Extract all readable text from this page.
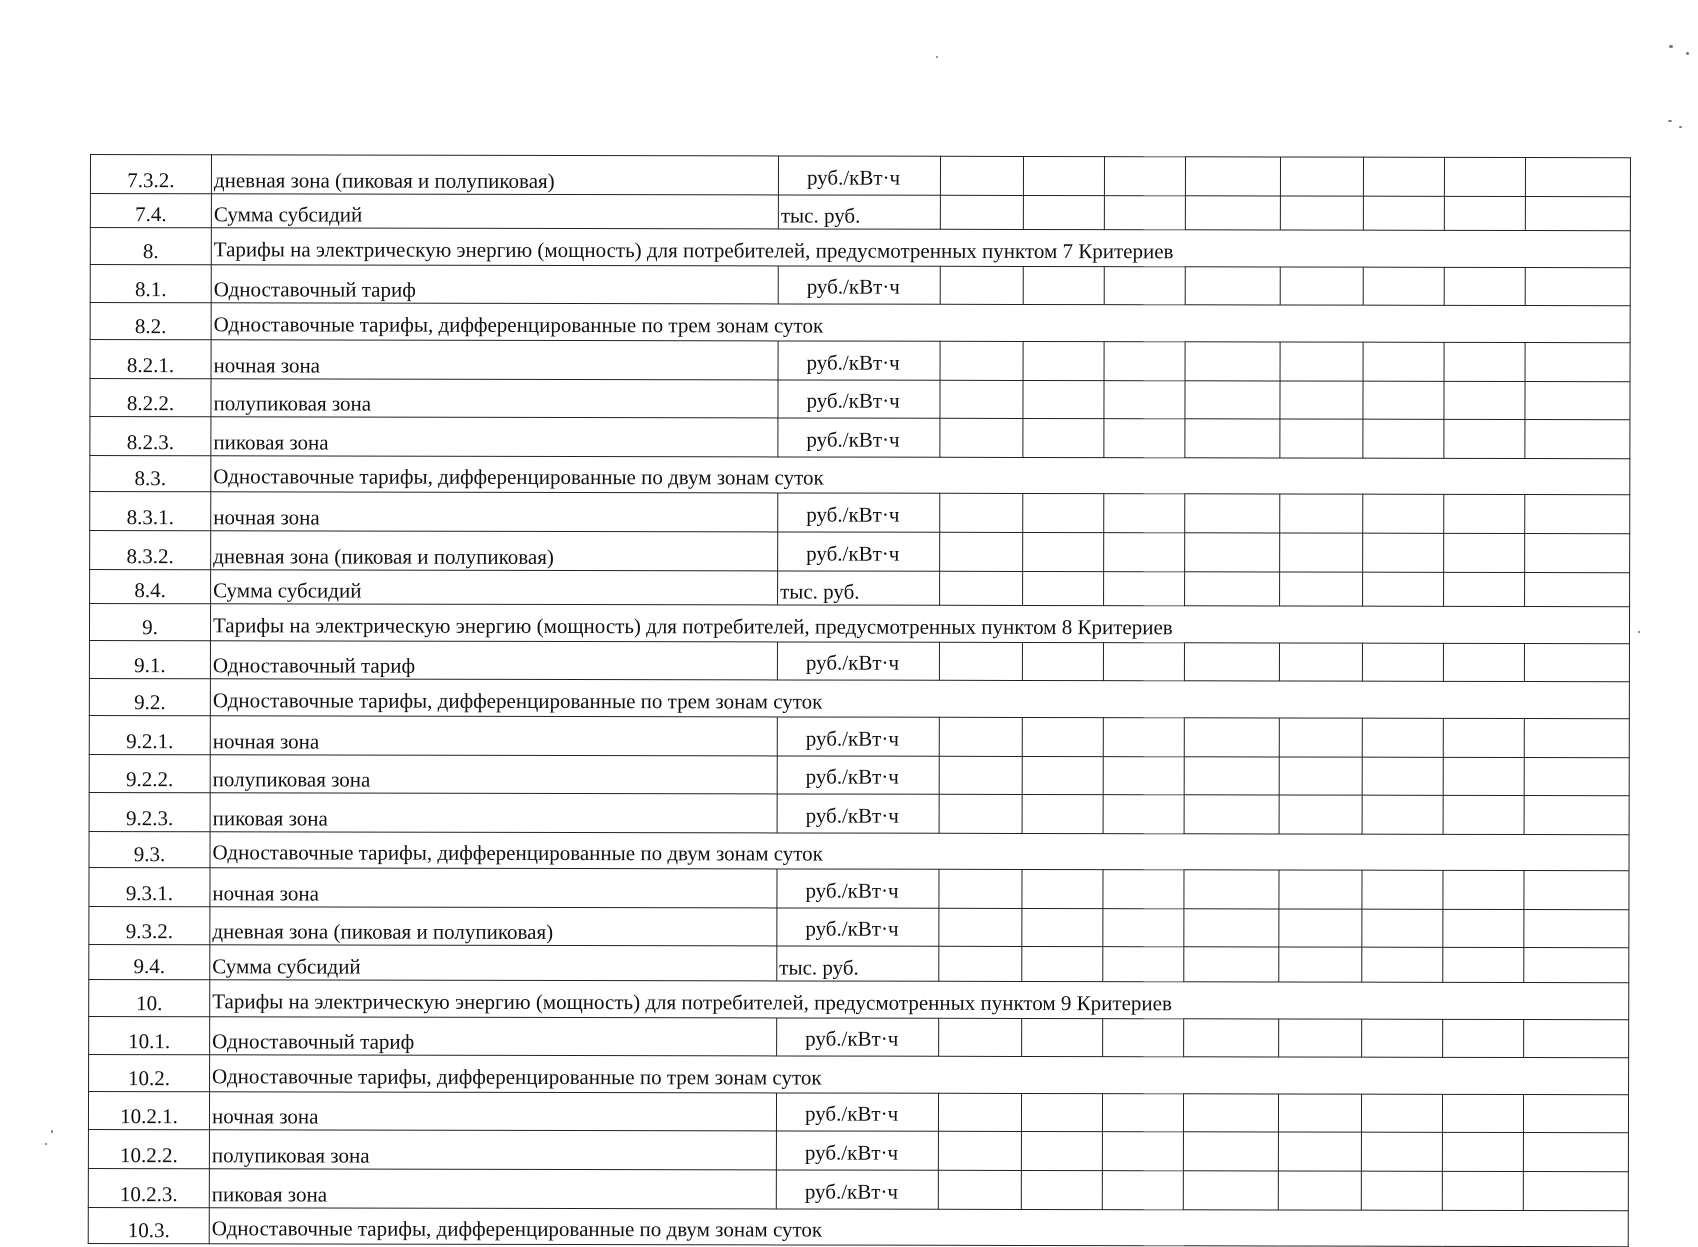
7.3.2.	дневная зона (пиковая и полупиковая)	руб./кВт·ч								
7.4.	Сумма субсидий	тыс. руб.								
8.	Тарифы на электрическую энергию (мощность) для потребителей, предусмотренных пунктом 7 Критериев									
8.1.	Одноставочный тариф	руб./кВт·ч								
8.2.	Одноставочные тарифы, дифференцированные по трем зонам суток									
8.2.1.	ночная зона	руб./кВт·ч								
8.2.2.	полупиковая зона	руб./кВт·ч								
8.2.3.	пиковая зона	руб./кВт·ч								
8.3.	Одноставочные тарифы, дифференцированные по двум зонам суток									
8.3.1.	ночная зона	руб./кВт·ч								
8.3.2.	дневная зона (пиковая и полупиковая)	руб./кВт·ч								
8.4.	Сумма субсидий	тыс. руб.								
9.	Тарифы на электрическую энергию (мощность) для потребителей, предусмотренных пунктом 8 Критериев									
9.1.	Одноставочный тариф	руб./кВт·ч								
9.2.	Одноставочные тарифы, дифференцированные по трем зонам суток									
9.2.1.	ночная зона	руб./кВт·ч								
9.2.2.	полупиковая зона	руб./кВт·ч								
9.2.3.	пиковая зона	руб./кВт·ч								
9.3.	Одноставочные тарифы, дифференцированные по двум зонам суток									
9.3.1.	ночная зона	руб./кВт·ч								
9.3.2.	дневная зона (пиковая и полупиковая)	руб./кВт·ч								
9.4.	Сумма субсидий	тыс. руб.								
10.	Тарифы на электрическую энергию (мощность) для потребителей, предусмотренных пунктом 9 Критериев									
10.1.	Одноставочный тариф	руб./кВт·ч								
10.2.	Одноставочные тарифы, дифференцированные по трем зонам суток									
10.2.1.	ночная зона	руб./кВт·ч								
10.2.2.	полупиковая зона	руб./кВт·ч								
10.2.3.	пиковая зона	руб./кВт·ч								
10.3.	Одноставочные тарифы, дифференцированные по двум зонам суток									
